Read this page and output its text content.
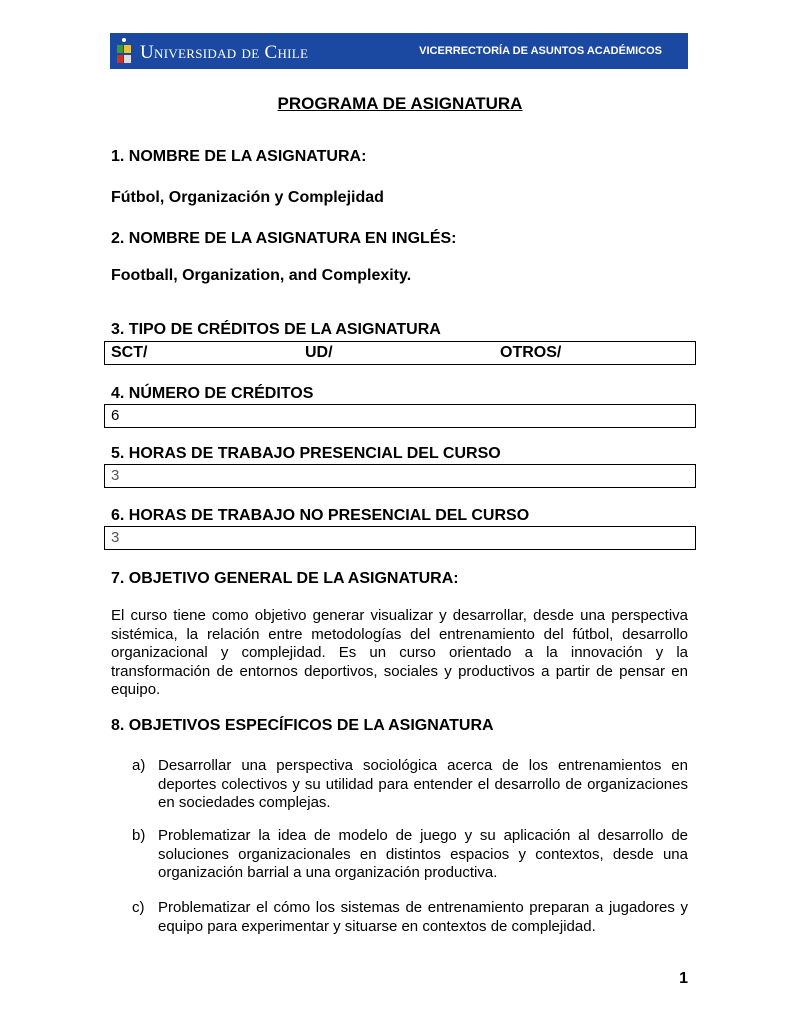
Universidad de Chile	VICERRECTORÍA DE ASUNTOS ACADÉMICOS
PROGRAMA DE ASIGNATURA
1. NOMBRE DE LA ASIGNATURA:
Fútbol, Organización y Complejidad
2. NOMBRE DE LA ASIGNATURA EN INGLÉS:
Football, Organization, and Complexity.
3. TIPO DE CRÉDITOS DE LA ASIGNATURA
SCT/	UD/	OTROS/
4. NÚMERO DE CRÉDITOS
6
5. HORAS DE TRABAJO PRESENCIAL DEL CURSO
3
6. HORAS DE TRABAJO NO PRESENCIAL DEL CURSO
3
7. OBJETIVO GENERAL DE LA ASIGNATURA:
El curso tiene como objetivo generar visualizar y desarrollar, desde una perspectiva sistémica, la relación entre metodologías del entrenamiento del fútbol, desarrollo organizacional y complejidad. Es un curso orientado a la innovación y la transformación de entornos deportivos, sociales y productivos a partir de pensar en equipo.
8. OBJETIVOS ESPECÍFICOS DE LA ASIGNATURA
a) Desarrollar una perspectiva sociológica acerca de los entrenamientos en deportes colectivos y su utilidad para entender el desarrollo de organizaciones en sociedades complejas.
b) Problematizar la idea de modelo de juego y su aplicación al desarrollo de soluciones organizacionales en distintos espacios y contextos, desde una organización barrial a una organización productiva.
c) Problematizar el cómo los sistemas de entrenamiento preparan a jugadores y equipo para experimentar y situarse en contextos de complejidad.
1
